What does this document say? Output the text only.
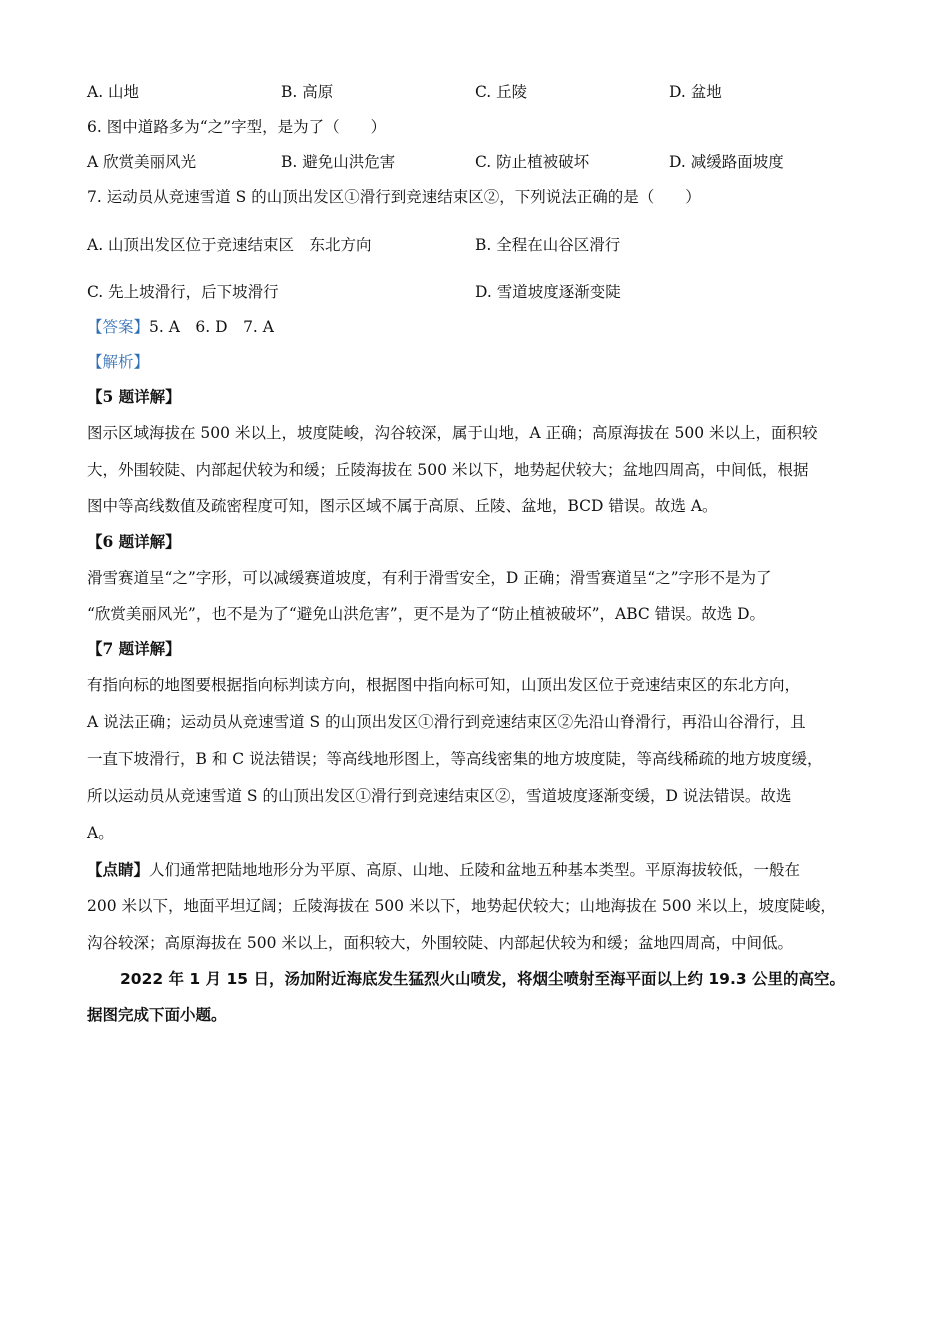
A. 山地	B. 高原	C. 丘陵	D. 盆地
6. 图中道路多为“之”字型，是为了（　　）
A 欣赏美丽风光	B. 避免山洪危害	C. 防止植被破坏	D. 减缓路面坡度
7. 运动员从竞速雪道 S 的山顶出发区①滑行到竞速结束区②，下列说法正确的是（　　）
A. 山顶出发区位于竞速结束区　东北方向	B. 全程在山谷区滑行
C. 先上坡滑行，后下坡滑行	D. 雪道坡度逐渐变陡
【答案】5. A　6. D　7. A
【解析】
【5 题详解】
图示区域海拔在 500 米以上，坡度陡峻，沟谷较深，属于山地，A 正确；高原海拔在 500 米以上，面积较
大，外围较陡、内部起伏较为和缓；丘陵海拔在 500 米以下，地势起伏较大；盆地四周高，中间低，根据
图中等高线数值及疏密程度可知，图示区域不属于高原、丘陵、盆地，BCD 错误。故选 A。
【6 题详解】
滑雪赛道呈“之”字形，可以减缓赛道坡度，有利于滑雪安全，D 正确；滑雪赛道呈“之”字形不是为了
“欣赏美丽风光”，也不是为了“避免山洪危害”，更不是为了“防止植被破坏”，ABC 错误。故选 D。
【7 题详解】
有指向标的地图要根据指向标判读方向，根据图中指向标可知，山顶出发区位于竞速结束区的东北方向，
A 说法正确；运动员从竞速雪道 S 的山顶出发区①滑行到竞速结束区②先沿山脊滑行，再沿山谷滑行，且
一直下坡滑行，B 和 C 说法错误；等高线地形图上，等高线密集的地方坡度陡，等高线稀疏的地方坡度缓，
所以运动员从竞速雪道 S 的山顶出发区①滑行到竞速结束区②，雪道坡度逐渐变缓，D 说法错误。故选
A。
【点睛】人们通常把陆地地形分为平原、高原、山地、丘陵和盆地五种基本类型。平原海拔较低，一般在
200 米以下，地面平坦辽阔；丘陵海拔在 500 米以下，地势起伏较大；山地海拔在 500 米以上，坡度陡峻，
沟谷较深；高原海拔在 500 米以上，面积较大，外围较陡、内部起伏较为和缓；盆地四周高，中间低。
2022 年 1 月 15 日，汤加附近海底发生猛烈火山喷发，将烟尘喷射至海平面以上约 19.3 公里的高空。
据图完成下面小题。
